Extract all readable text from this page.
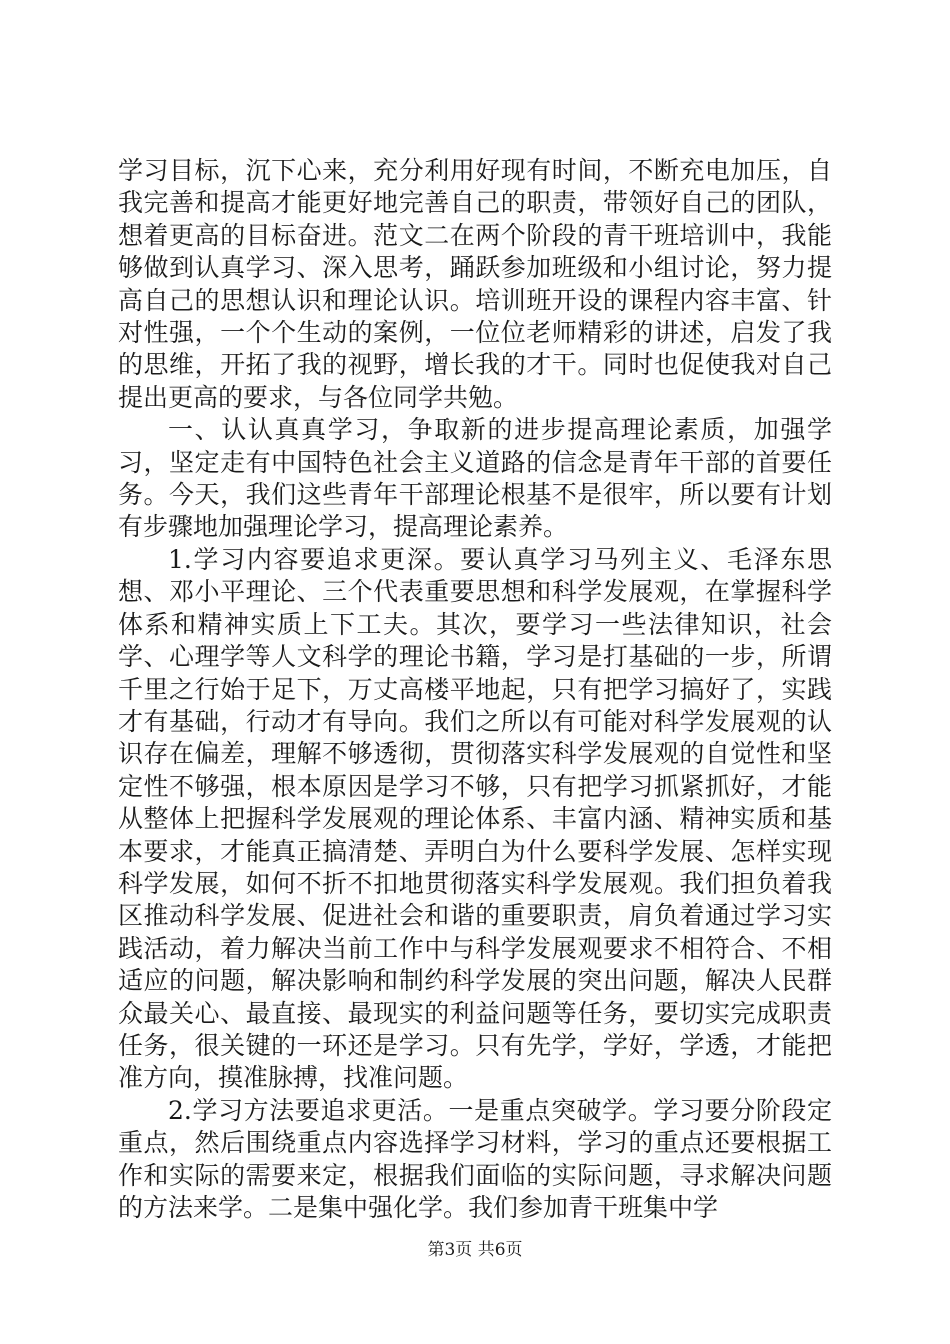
学习目标，沉下心来，充分利用好现有时间，不断充电加压，自我完善和提高才能更好地完善自己的职责，带领好自己的团队，想着更高的目标奋进。范文二在两个阶段的青干班培训中，我能够做到认真学习、深入思考，踊跃参加班级和小组讨论，努力提高自己的思想认识和理论认识。培训班开设的课程内容丰富、针对性强，一个个生动的案例，一位位老师精彩的讲述，启发了我的思维，开拓了我的视野，增长我的才干。同时也促使我对自己提出更高的要求，与各位同学共勉。

一、认认真真学习，争取新的进步提高理论素质，加强学习，坚定走有中国特色社会主义道路的信念是青年干部的首要任务。今天，我们这些青年干部理论根基不是很牢，所以要有计划有步骤地加强理论学习，提高理论素养。

1.学习内容要追求更深。要认真学习马列主义、毛泽东思想、邓小平理论、三个代表重要思想和科学发展观，在掌握科学体系和精神实质上下工夫。其次，要学习一些法律知识，社会学、心理学等人文科学的理论书籍，学习是打基础的一步，所谓千里之行始于足下，万丈高楼平地起，只有把学习搞好了，实践才有基础，行动才有导向。我们之所以有可能对科学发展观的认识存在偏差，理解不够透彻，贯彻落实科学发展观的自觉性和坚定性不够强，根本原因是学习不够，只有把学习抓紧抓好，才能从整体上把握科学发展观的理论体系、丰富内涵、精神实质和基本要求，才能真正搞清楚、弄明白为什么要科学发展、怎样实现科学发展，如何不折不扣地贯彻落实科学发展观。我们担负着我区推动科学发展、促进社会和谐的重要职责，肩负着通过学习实践活动，着力解决当前工作中与科学发展观要求不相符合、不相适应的问题，解决影响和制约科学发展的突出问题，解决人民群众最关心、最直接、最现实的利益问题等任务，要切实完成职责任务，很关键的一环还是学习。只有先学，学好，学透，才能把准方向，摸准脉搏，找准问题。

2.学习方法要追求更活。一是重点突破学。学习要分阶段定重点，然后围绕重点内容选择学习材料，学习的重点还要根据工作和实际的需要来定，根据我们面临的实际问题，寻求解决问题的方法来学。二是集中强化学。我们参加青干班集中学

第3页 共6页
